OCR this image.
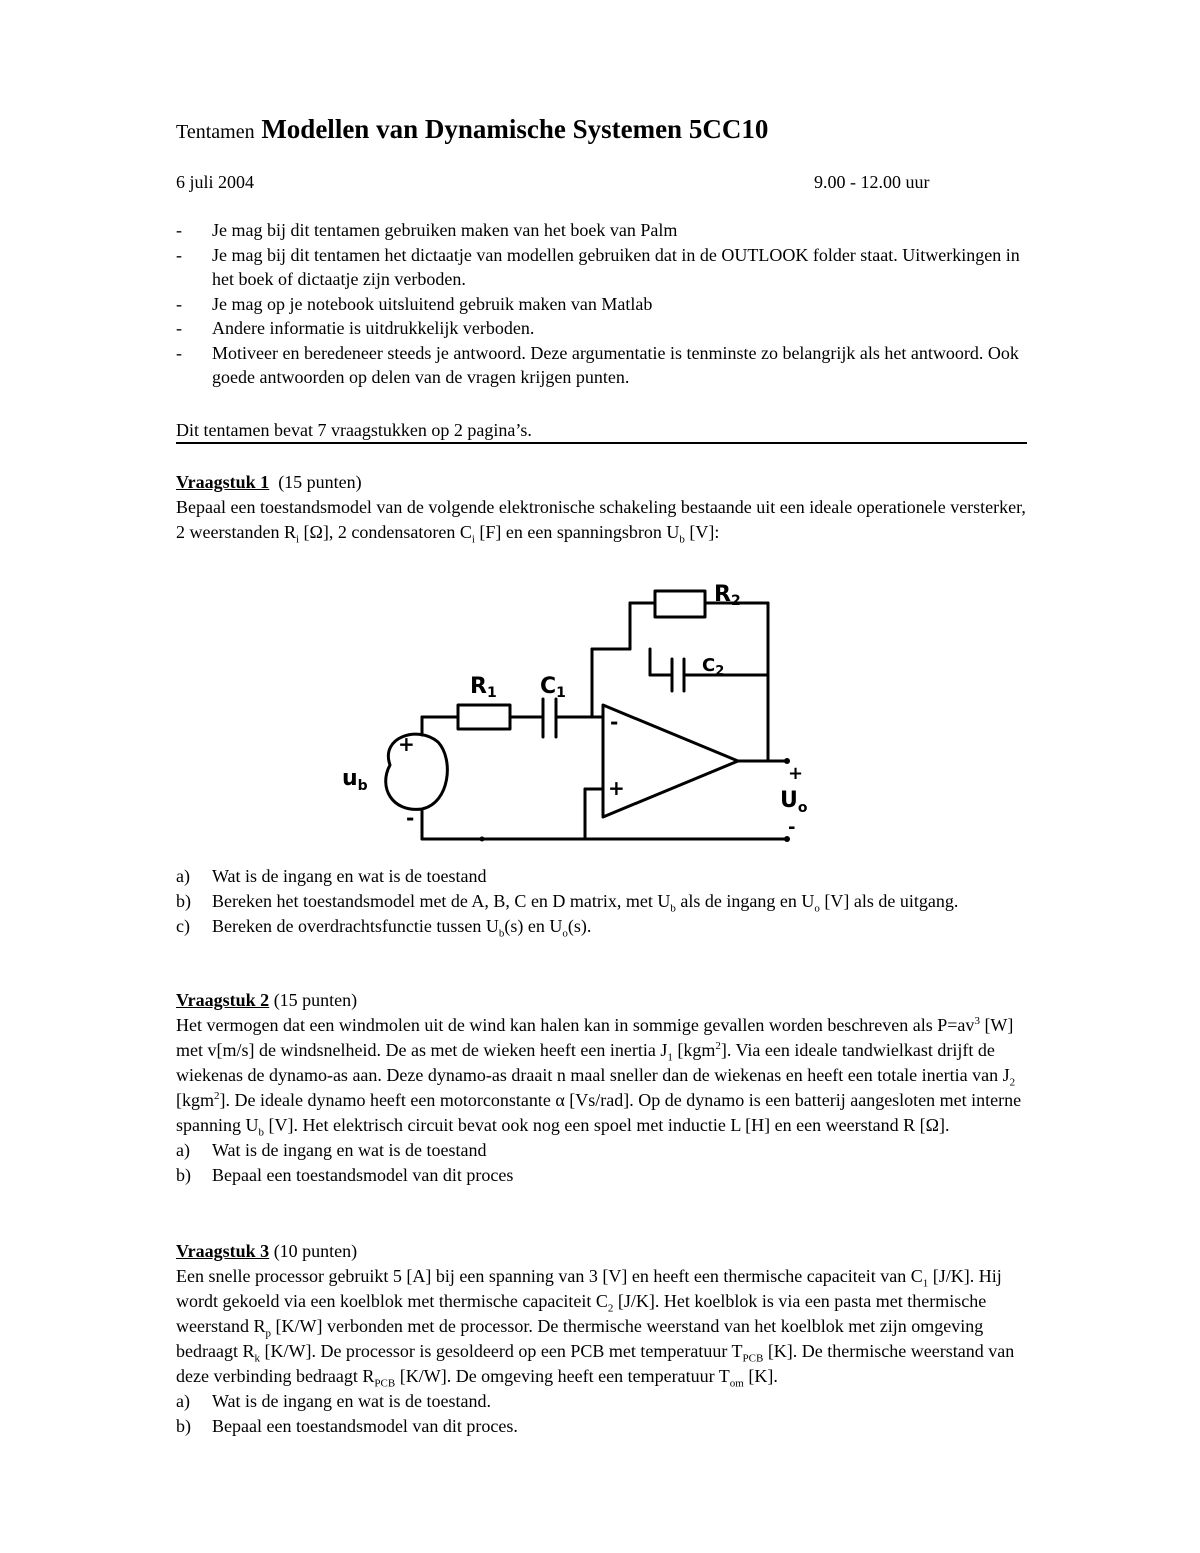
Tentamen Modellen van Dynamische Systemen 5CC10
6 juli 2004	9.00 - 12.00 uur
- Je mag bij dit tentamen gebruiken maken van het boek van Palm
- Je mag bij dit tentamen het dictaatje van modellen gebruiken dat in de OUTLOOK folder staat. Uitwerkingen in het boek of dictaatje zijn verboden.
- Je mag op je notebook uitsluitend gebruik maken van Matlab
- Andere informatie is uitdrukkelijk verboden.
- Motiveer en beredeneer steeds je antwoord. Deze argumentatie is tenminste zo belangrijk als het antwoord. Ook goede antwoorden op delen van de vragen krijgen punten.
Dit tentamen bevat 7 vraagstukken op 2 pagina’s.
Vraagstuk 1 (15 punten)
Bepaal een toestandsmodel van de volgende elektronische schakeling bestaande uit een ideale operationele versterker, 2 weerstanden $R_i$ [Ω], 2 condensatoren $C_i$ [F] en een spanningsbron $U_b$ [V]:
R1 C1
R2
$C_2$
$u_b$
$U_o$
+
-
-
+
+
-
a) Wat is de ingang en wat is de toestand
b) Bereken het toestandsmodel met de A, B, C en D matrix, met $U_b$ als de ingang en $U_o$ [V] als de uitgang.
c) Bereken de overdrachtsfunctie tussen $U_b(s)$ en $U_o(s)$.
Vraagstuk 2 (15 punten)
Het vermogen dat een windmolen uit de wind kan halen kan in sommige gevallen worden beschreven als $P=av^3$ [W] met v[m/s] de windsnelheid. De as met de wieken heeft een inertia $J_1$ [kgm$^2$]. Via een ideale tandwielkast drijft de wiekenas de dynamo-as aan. Deze dynamo-as draait n maal sneller dan de wiekenas en heeft een totale inertia van $J_2$ [kgm$^2$]. De ideale dynamo heeft een motorconstante α [Vs/rad]. Op de dynamo is een batterij aangesloten met interne spanning $U_b$ [V]. Het elektrisch circuit bevat ook nog een spoel met inductie L [H] en een weerstand R [Ω].
a) Wat is de ingang en wat is de toestand
b) Bepaal een toestandsmodel van dit proces
Vraagstuk 3 (10 punten)
Een snelle processor gebruikt 5 [A] bij een spanning van 3 [V] en heeft een thermische capaciteit van $C_1$ [J/K]. Hij wordt gekoeld via een koelblok met thermische capaciteit $C_2$ [J/K]. Het koelblok is via een pasta met thermische weerstand $R_p$ [K/W] verbonden met de processor. De thermische weerstand van het koelblok met zijn omgeving bedraagt $R_k$ [K/W]. De processor is gesoldeerd op een PCB met temperatuur $T_{PCB}$ [K]. De thermische weerstand van deze verbinding bedraagt $R_{PCB}$ [K/W]. De omgeving heeft een temperatuur $T_{om}$ [K].
a) Wat is de ingang en wat is de toestand.
b) Bepaal een toestandsmodel van dit proces.
